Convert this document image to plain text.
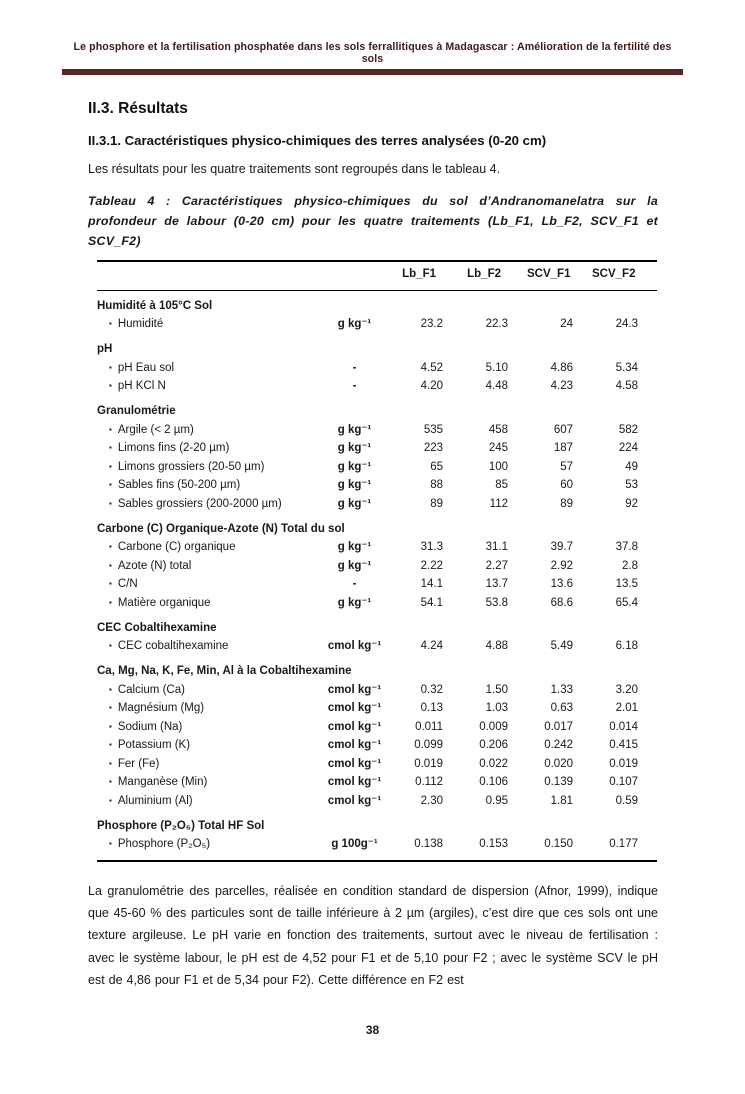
Le phosphore et la fertilisation phosphatée dans les sols ferrallitiques à Madagascar : Amélioration de la fertilité des sols
II.3. Résultats
II.3.1. Caractéristiques physico-chimiques des terres analysées (0-20 cm)

Les résultats pour les quatre traitements sont regroupés dans le tableau 4.

Tableau 4 : Caractéristiques physico-chimiques du sol d’Andranomanelatra sur la profondeur de labour (0-20 cm) pour les quatre traitements (Lb_F1, Lb_F2, SCV_F1 et SCV_F2)

		Lb_F1	Lb_F2	SCV_F1	SCV_F2
Humidité à 105°C Sol					
▪ Humidité	g kg⁻¹	23.2	22.3	24	24.3
pH					
▪ pH Eau sol	-	4.52	5.10	4.86	5.34
▪ pH KCl N	-	4.20	4.48	4.23	4.58
Granulométrie					
▪ Argile (< 2 µm)	g kg⁻¹	535	458	607	582
▪ Limons fins (2-20 µm)	g kg⁻¹	223	245	187	224
▪ Limons grossiers (20-50 µm)	g kg⁻¹	65	100	57	49
▪ Sables fins (50-200 µm)	g kg⁻¹	88	85	60	53
▪ Sables grossiers (200-2000 µm)	g kg⁻¹	89	112	89	92
Carbone (C) Organique-Azote (N) Total du sol					
▪ Carbone (C) organique	g kg⁻¹	31.3	31.1	39.7	37.8
▪ Azote (N) total	g kg⁻¹	2.22	2.27	2.92	2.8
▪ C/N	-	14.1	13.7	13.6	13.5
▪ Matière organique	g kg⁻¹	54.1	53.8	68.6	65.4
CEC Cobaltihexamine					
▪ CEC cobaltihexamine	cmol kg⁻¹	4.24	4.88	5.49	6.18
Ca, Mg, Na, K, Fe, Min, Al à la Cobaltihexamine					
▪ Calcium (Ca)	cmol kg⁻¹	0.32	1.50	1.33	3.20
▪ Magnésium (Mg)	cmol kg⁻¹	0.13	1.03	0.63	2.01
▪ Sodium (Na)	cmol kg⁻¹	0.011	0.009	0.017	0.014
▪ Potassium (K)	cmol kg⁻¹	0.099	0.206	0.242	0.415
▪ Fer (Fe)	cmol kg⁻¹	0.019	0.022	0.020	0.019
▪ Manganèse (Min)	cmol kg⁻¹	0.112	0.106	0.139	0.107
▪ Aluminium (Al)	cmol kg⁻¹	2.30	0.95	1.81	0.59
Phosphore (P₂O₅) Total HF Sol					
▪ Phosphore (P₂O₅)	g 100g⁻¹	0.138	0.153	0.150	0.177

La granulométrie des parcelles, réalisée en condition standard de dispersion (Afnor, 1999), indique que 45-60 % des particules sont de taille inférieure à 2 µm (argiles), c’est dire que ces sols ont une texture argileuse. Le pH varie en fonction des traitements, surtout avec le niveau de fertilisation : avec le système labour, le pH est de 4,52 pour F1 et de 5,10 pour F2 ; avec le système SCV le pH est de 4,86 pour F1 et de 5,34 pour F2). Cette différence en F2 est

38
